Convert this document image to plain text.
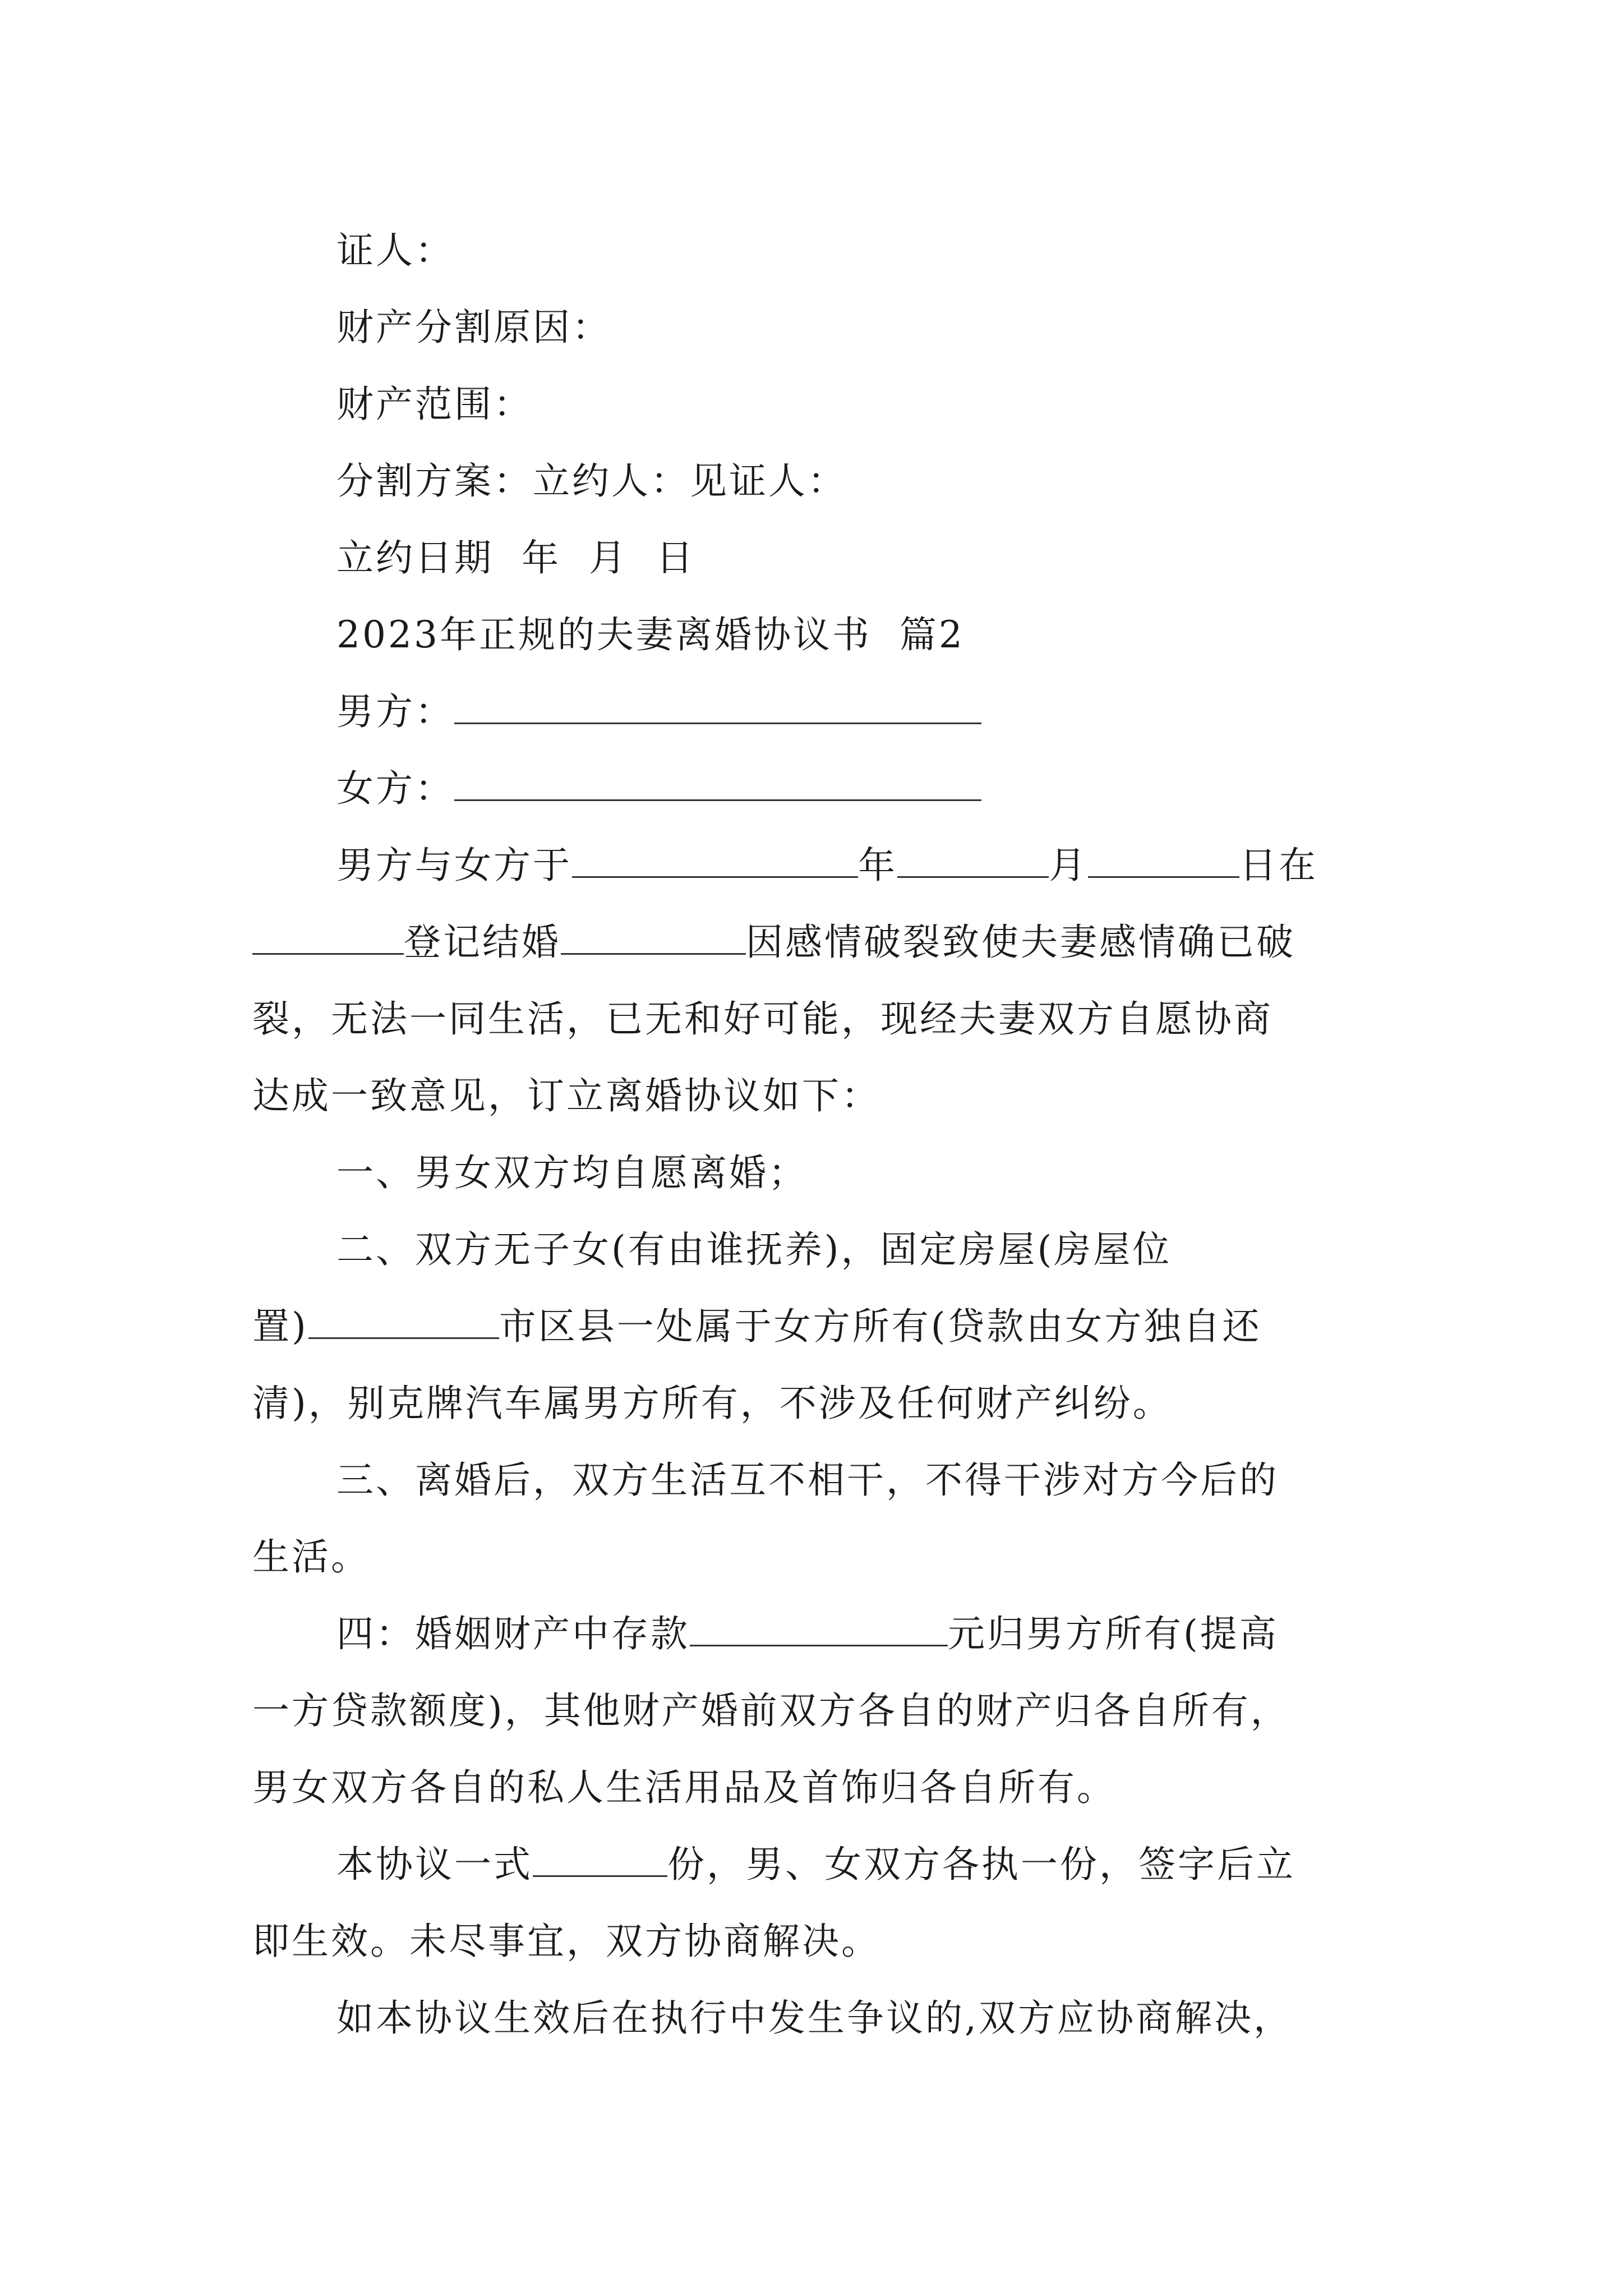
证人：
财产分割原因：
财产范围：
分割方案：立约人：见证人：
立约日期  年  月  日
2023年正规的夫妻离婚协议书  篇2
男方：
女方：
男方与女方于	年	月	日在
登记结婚	因感情破裂致使夫妻感情确已破
裂，无法一同生活，已无和好可能，现经夫妻双方自愿协商
达成一致意见，订立离婚协议如下：
一、男女双方均自愿离婚；
二、双方无子女(有由谁抚养)，固定房屋(房屋位
置)	市区县一处属于女方所有(贷款由女方独自还
清)，别克牌汽车属男方所有，不涉及任何财产纠纷。
三、离婚后，双方生活互不相干，不得干涉对方今后的
生活。
四：婚姻财产中存款	元归男方所有(提高
一方贷款额度)，其他财产婚前双方各自的财产归各自所有，
男女双方各自的私人生活用品及首饰归各自所有。
本协议一式	份，男、女双方各执一份，签字后立
即生效。未尽事宜，双方协商解决。
如本协议生效后在执行中发生争议的,双方应协商解决，
